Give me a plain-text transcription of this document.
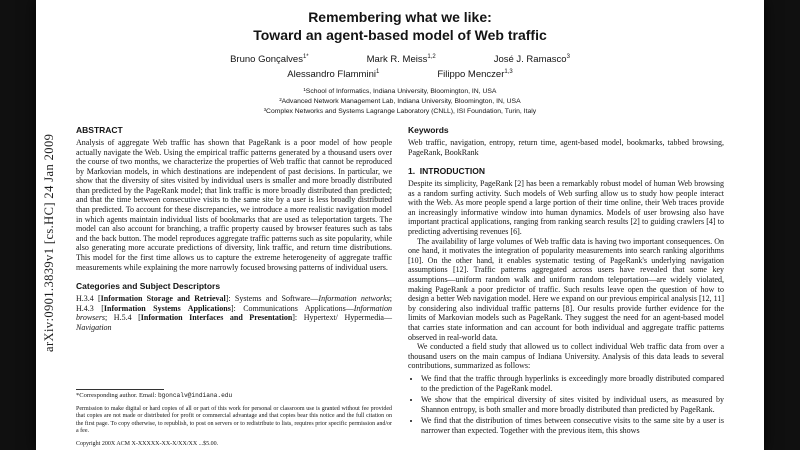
arXiv:0901.3839v1 [cs.HC] 24 Jan 2009
Remembering what we like:
Toward an agent-based model of Web traffic
Bruno Gonçalves$^{1*}$	Mark R. Meiss$^{1,2}$	José J. Ramasco$^3$
Alessandro Flammini$^1$	Filippo Menczer$^{1,3}$
¹School of Informatics, Indiana University, Bloomington, IN, USA
²Advanced Network Management Lab, Indiana University, Bloomington, IN, USA
³Complex Networks and Systems Lagrange Laboratory (CNLL), ISI Foundation, Turin, Italy
ABSTRACT

Analysis of aggregate Web traffic has shown that PageRank is a poor model of how people actually navigate the Web. Using the empirical traffic patterns generated by a thousand users over the course of two months, we characterize the properties of Web traffic that cannot be reproduced by Markovian models, in which destinations are independent of past decisions. In particular, we show that the diversity of sites visited by individual users is smaller and more broadly distributed than predicted by the PageRank model; that link traffic is more broadly distributed than predicted; and that the time between consecutive visits to the same site by a user is less broadly distributed than predicted. To account for these discrepancies, we introduce a more realistic navigation model in which agents maintain individual lists of bookmarks that are used as teleportation targets. The model can also account for branching, a traffic property caused by browser features such as tabs and the back button. The model reproduces aggregate traffic patterns such as site popularity, while also generating more accurate predictions of diversity, link traffic, and return time distributions. This model for the first time allows us to capture the extreme heterogeneity of aggregate traffic measurements while explaining the more narrowly focused browsing patterns of individual users.

Categories and Subject Descriptors

H.3.4 [Information Storage and Retrieval]: Systems and Software—Information networks; H.4.3 [Information Systems Applications]: Communications Applications—Information browsers; H.5.4 [Information Interfaces and Presentation]: Hypertext/ Hypermedia—Navigation

*Corresponding author. Email: bgoncalv@indiana.edu

Permission to make digital or hard copies of all or part of this work for personal or classroom use is granted without fee provided that copies are not made or distributed for profit or commercial advantage and that copies bear this notice and the full citation on the first page. To copy otherwise, to republish, to post on servers or to redistribute to lists, requires prior specific permission and/or a fee.

Copyright 200X ACM X-XXXXX-XX-X/XX/XX ...$5.00.
Keywords

Web traffic, navigation, entropy, return time, agent-based model, bookmarks, tabbed browsing, PageRank, BookRank

1.  INTRODUCTION

Despite its simplicity, PageRank [2] has been a remarkably robust model of human Web browsing as a random surfing activity. Such models of Web surfing allow us to study how people interact with the Web. As more people spend a large portion of their time online, their Web traces provide an increasingly informative window into human dynamics. Models of user browsing also have important practical applications, ranging from ranking search results [2] to guiding crawlers [4] to predicting advertising revenues [6].

The availability of large volumes of Web traffic data is having two important consequences. On one hand, it motivates the integration of popularity measurements into search ranking algorithms [10]. On the other hand, it enables systematic testing of PageRank's underlying navigation assumptions [12]. Traffic patterns aggregated across users have revealed that some key assumptions—uniform random walk and uniform random teleportation—are widely violated, making PageRank a poor predictor of traffic. Such results leave open the question of how to design a better Web navigation model. Here we expand on our previous empirical analysis [12, 11] by considering also individual traffic patterns [8]. Our results provide further evidence for the limits of Markovian models such as PageRank. They suggest the need for an agent-based model that carries state information and can account for both individual and aggregate traffic patterns observed in real-world data.

We conducted a field study that allowed us to collect individual Web traffic data from over a thousand users on the main campus of Indiana University. Analysis of this data leads to several contributions, summarized as follows:

• We find that the traffic through hyperlinks is exceedingly more broadly distributed compared to the prediction of the PageRank model.
• We show that the empirical diversity of sites visited by individual users, as measured by Shannon entropy, is both smaller and more broadly distributed than predicted by PageRank.
• We find that the distribution of times between consecutive visits to the same site by a user is narrower than expected. Together with the previous item, this shows
